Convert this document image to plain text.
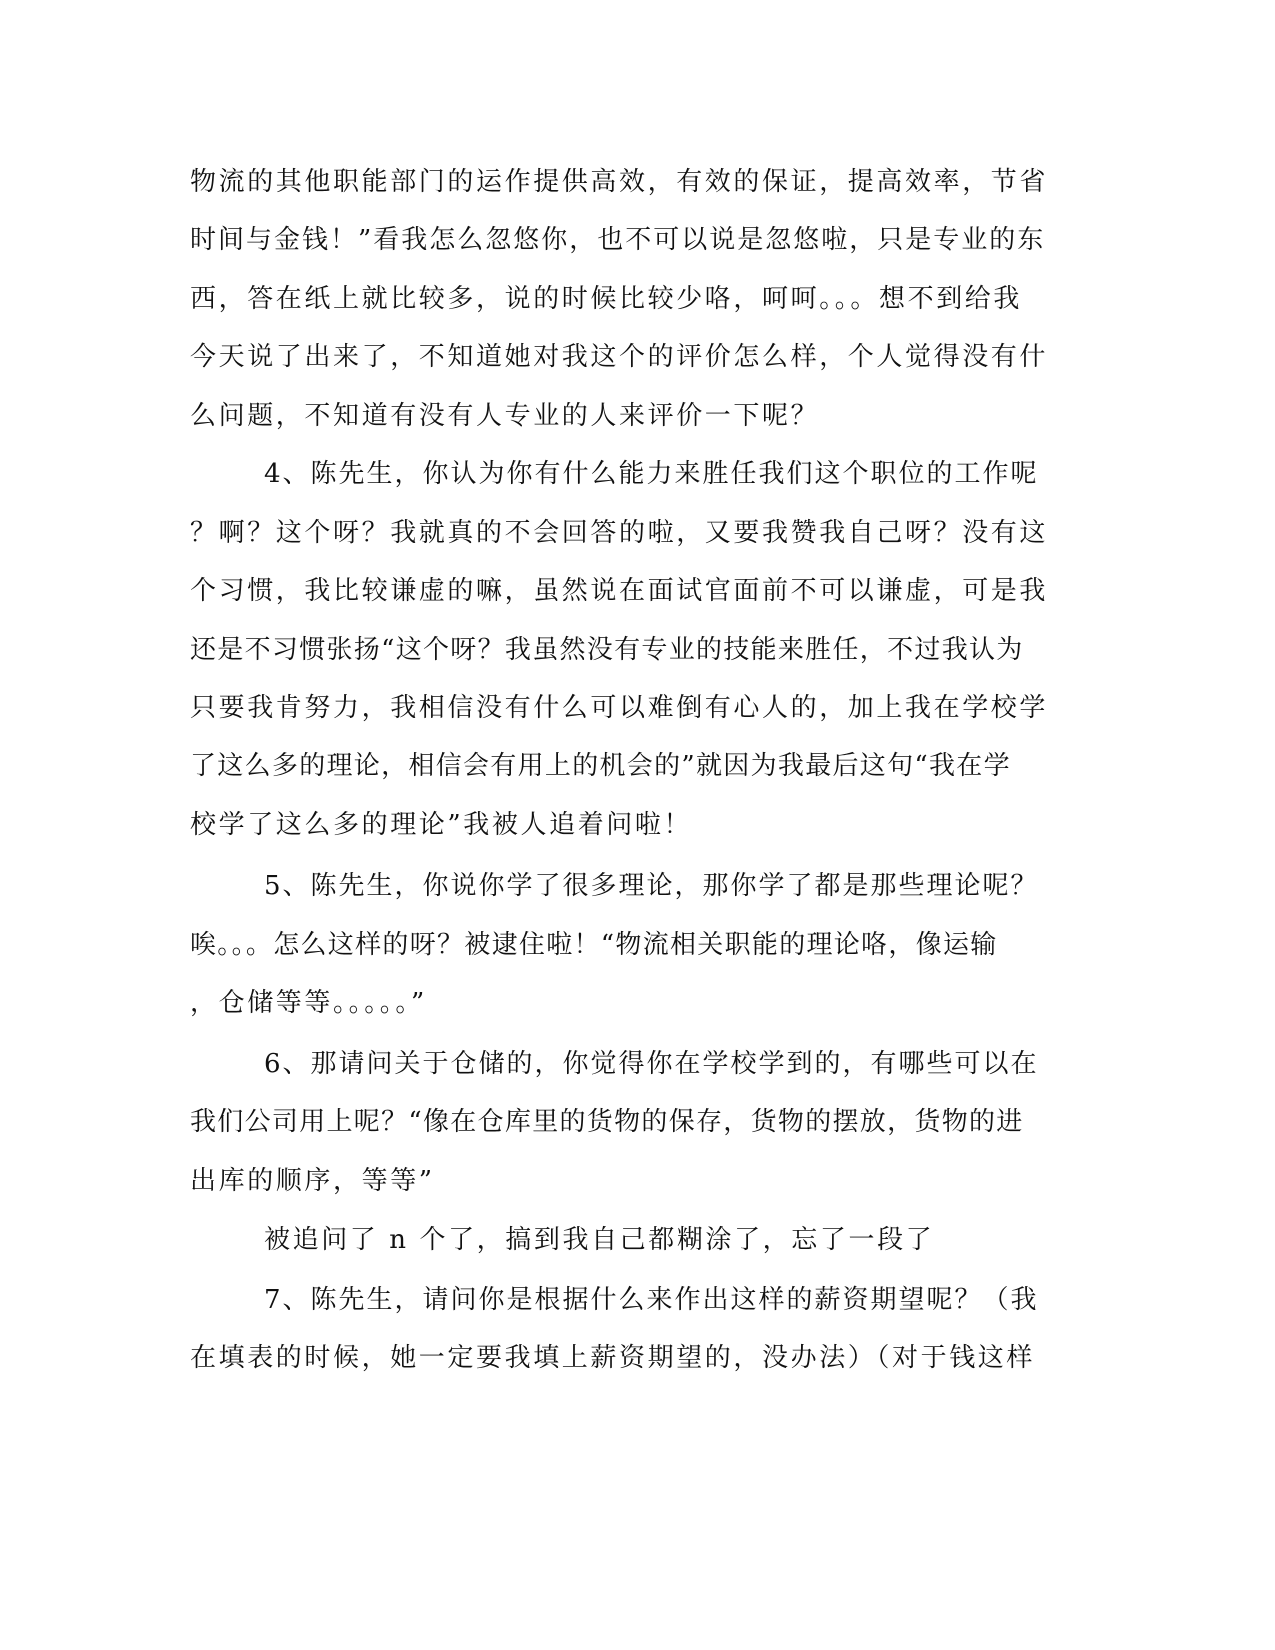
物流的其他职能部门的运作提供高效，有效的保证，提高效率，节省
时间与金钱！”看我怎么忽悠你，也不可以说是忽悠啦，只是专业的东
西，答在纸上就比较多，说的时候比较少咯，呵呵。。。想不到给我
今天说了出来了，不知道她对我这个的评价怎么样，个人觉得没有什
么问题，不知道有没有人专业的人来评价一下呢？
4、陈先生，你认为你有什么能力来胜任我们这个职位的工作呢
？啊？这个呀？我就真的不会回答的啦，又要我赞我自己呀？没有这
个习惯，我比较谦虚的嘛，虽然说在面试官面前不可以谦虚，可是我
还是不习惯张扬“这个呀？我虽然没有专业的技能来胜任，不过我认为
只要我肯努力，我相信没有什么可以难倒有心人的，加上我在学校学
了这么多的理论，相信会有用上的机会的”就因为我最后这句“我在学
校学了这么多的理论”我被人追着问啦！
5、陈先生，你说你学了很多理论，那你学了都是那些理论呢？
唉。。。怎么这样的呀？被逮住啦！“物流相关职能的理论咯，像运输
，仓储等等。。。。。”
6、那请问关于仓储的，你觉得你在学校学到的，有哪些可以在
我们公司用上呢？“像在仓库里的货物的保存，货物的摆放，货物的进
出库的顺序，等等”
被追问了 n 个了，搞到我自己都糊涂了，忘了一段了
7、陈先生，请问你是根据什么来作出这样的薪资期望呢？（我
在填表的时候，她一定要我填上薪资期望的，没办法）（对于钱这样
